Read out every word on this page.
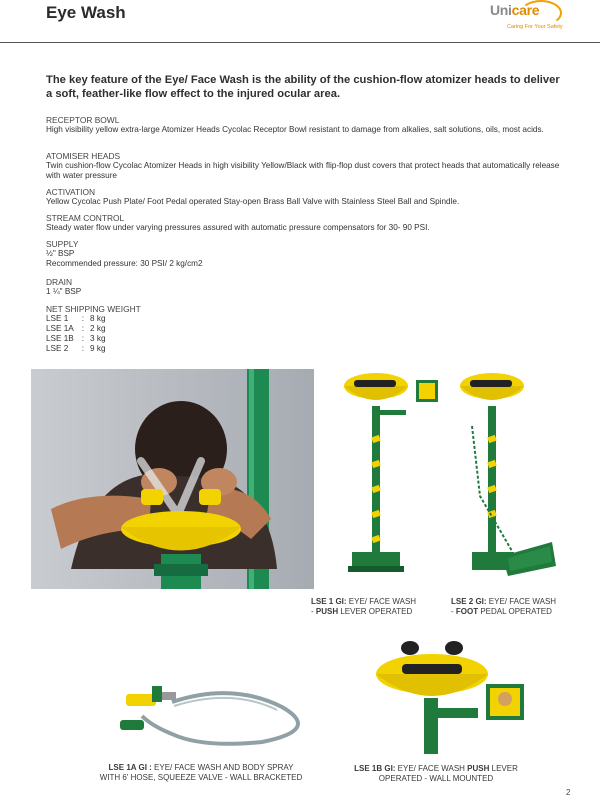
Eye Wash	Unicare
Caring For Your Safety
The key feature of the Eye/ Face Wash is the ability of the cushion-flow atomizer heads to deliver a soft, feather-like flow effect to the injured ocular area.
RECEPTOR BOWL
High visibility yellow extra-large Atomizer Heads Cycolac Receptor Bowl resistant to damage from alkalies, salt solutions, oils, most acids.
ATOMISER HEADS
Twin cushion-flow Cycolac Atomizer Heads in high visibility Yellow/Black with flip-flop dust covers that protect heads that automatically release with water pressure
ACTIVATION
Yellow Cycolac Push Plate/ Foot Pedal operated Stay-open Brass Ball Valve with Stainless Steel Ball and Spindle.
STREAM CONTROL
Steady water flow under varying pressures assured with automatic pressure compensators for 30- 90 PSI.
SUPPLY
½" BSP
Recommended pressure: 30 PSI/ 2 kg/cm2
DRAIN
1 ¼" BSP
NET SHIPPING WEIGHT
LSE 1	:	8 kg
LSE 1A	:	2 kg
LSE 1B	:	3 kg
LSE 2	:	9 kg
LSE 1 GI: EYE/ FACE WASH
- PUSH LEVER OPERATED
LSE 2 GI: EYE/ FACE WASH
- FOOT PEDAL OPERATED
LSE 1A GI : EYE/ FACE WASH AND BODY SPRAY
WITH 6' HOSE, SQUEEZE VALVE - WALL BRACKETED
LSE 1B GI: EYE/ FACE WASH PUSH LEVER
OPERATED - WALL MOUNTED
2
